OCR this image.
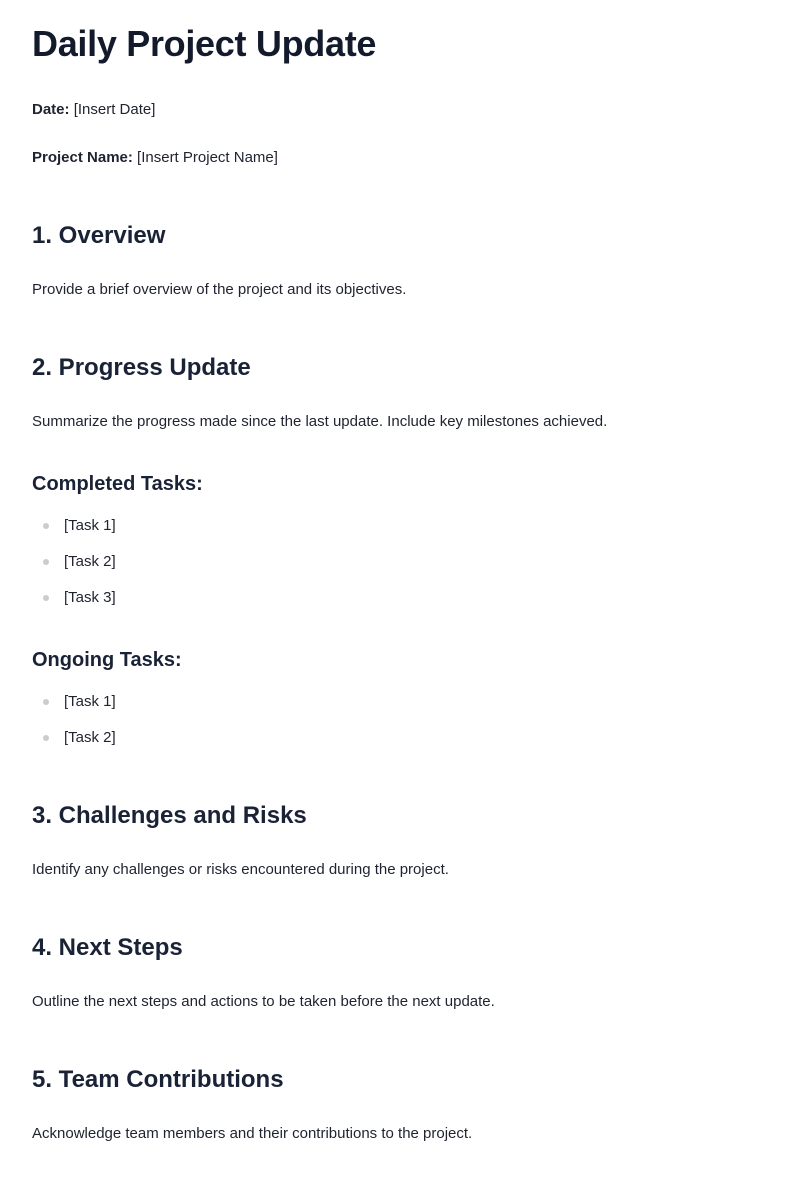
Daily Project Update

Date: [Insert Date]

Project Name: [Insert Project Name]

1. Overview

Provide a brief overview of the project and its objectives.

2. Progress Update

Summarize the progress made since the last update. Include key milestones achieved.

Completed Tasks:
[Task 1]
[Task 2]
[Task 3]
Ongoing Tasks:
[Task 1]
[Task 2]
3. Challenges and Risks

Identify any challenges or risks encountered during the project.

4. Next Steps

Outline the next steps and actions to be taken before the next update.

5. Team Contributions

Acknowledge team members and their contributions to the project.
